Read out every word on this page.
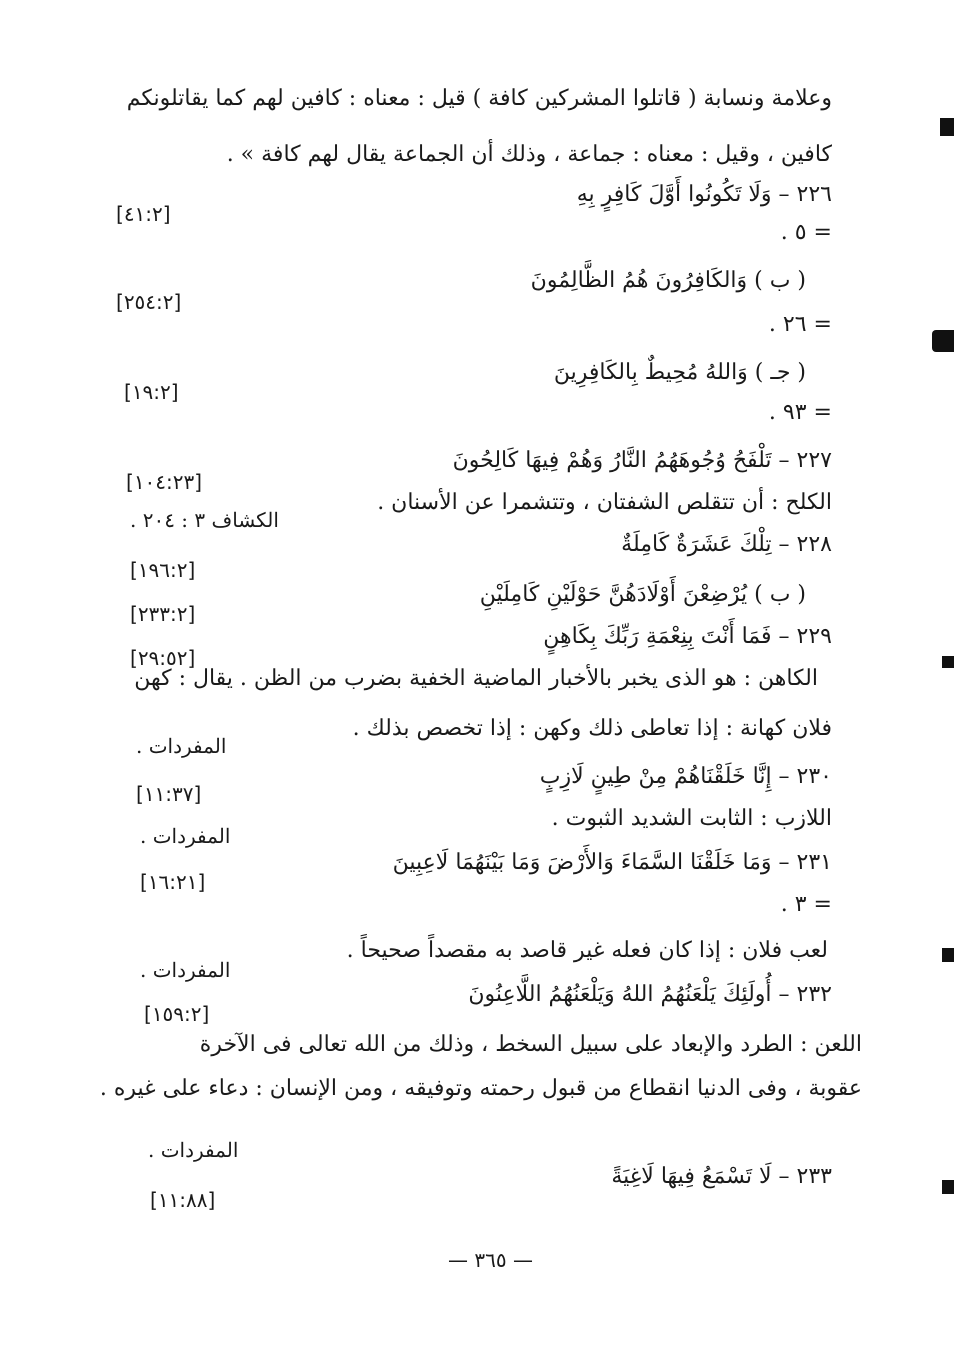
وعلامة ونسابة ( قاتلوا المشركين كافة ) قيل : معناه : كافين لهم كما يقاتلونكم
كافين ، وقيل : معناه : جماعة ، وذلك أن الجماعة يقال لهم كافة » .
٢٢٦ – وَلَا تَكُونُوا أَوَّلَ كَافِرٍ بِهِ
= ٥ .
( ب ) وَالكَافِرُونَ هُمُ الظَّالِمُونَ
= ٢٦ .
( جـ ) وَاللهُ مُحِيطٌ بِالكَافِرِينَ
= ٩٣ .
٢٢٧ – تَلْفَحُ وُجُوهَهُمُ النَّارُ وَهُمْ فِيهَا كَالِحُونَ
الكلح : أن تتقلص الشفتان ، وتتشمرا عن الأسنان .
٢٢٨ – تِلْكَ عَشَرَةٌ كَامِلَةٌ
( ب ) يُرْضِعْنَ أَوْلَادَهُنَّ حَوْلَيْنِ كَامِلَيْنِ
٢٢٩ – فَمَا أَنْتَ بِنِعْمَةِ رَبِّكَ بِكَاهِنٍ
الكاهن : هو الذى يخبر بالأخبار الماضية الخفية بضرب من الظن . يقال : كهن
فلان كهانة : إذا تعاطى ذلك وكهن : إذا تخصص بذلك .
٢٣٠ – إِنَّا خَلَقْنَاهُمْ مِنْ طِينٍ لَازِبٍ
اللازب : الثابت الشديد الثبوت .
٢٣١ – وَمَا خَلَقْنَا السَّمَاءَ وَالأَرْضَ وَمَا بَيْنَهُمَا لَاعِبِينَ
= ٣ .
لعب فلان : إذا كان فعله غير قاصد به مقصداً صحيحاً .
٢٣٢ – أُولَئِكَ يَلْعَنُهُمُ اللهُ وَيَلْعَنُهُمُ اللَّاعِنُونَ
اللعن : الطرد والإبعاد على سبيل السخط ، وذلك من الله تعالى فى الآخرة
عقوبة ، وفى الدنيا انقطاع من قبول رحمته وتوفيقه ، ومن الإنسان : دعاء على غيره .
٢٣٣ – لَا تَسْمَعُ فِيهَا لَاغِيَةً
[٤١:٢]
[٢٥٤:٢]
[١٩:٢]
[١٠٤:٢٣]
[١٩٦:٢]
[٢٣٣:٢]
[٢٩:٥٢]
[١١:٣٧]
[١٦:٢١]
[١٥٩:٢]
[١١:٨٨]
الكشاف ٣ : ٢٠٤ .
المفردات .
المفردات .
المفردات .
المفردات .
— ٣٦٥ —
